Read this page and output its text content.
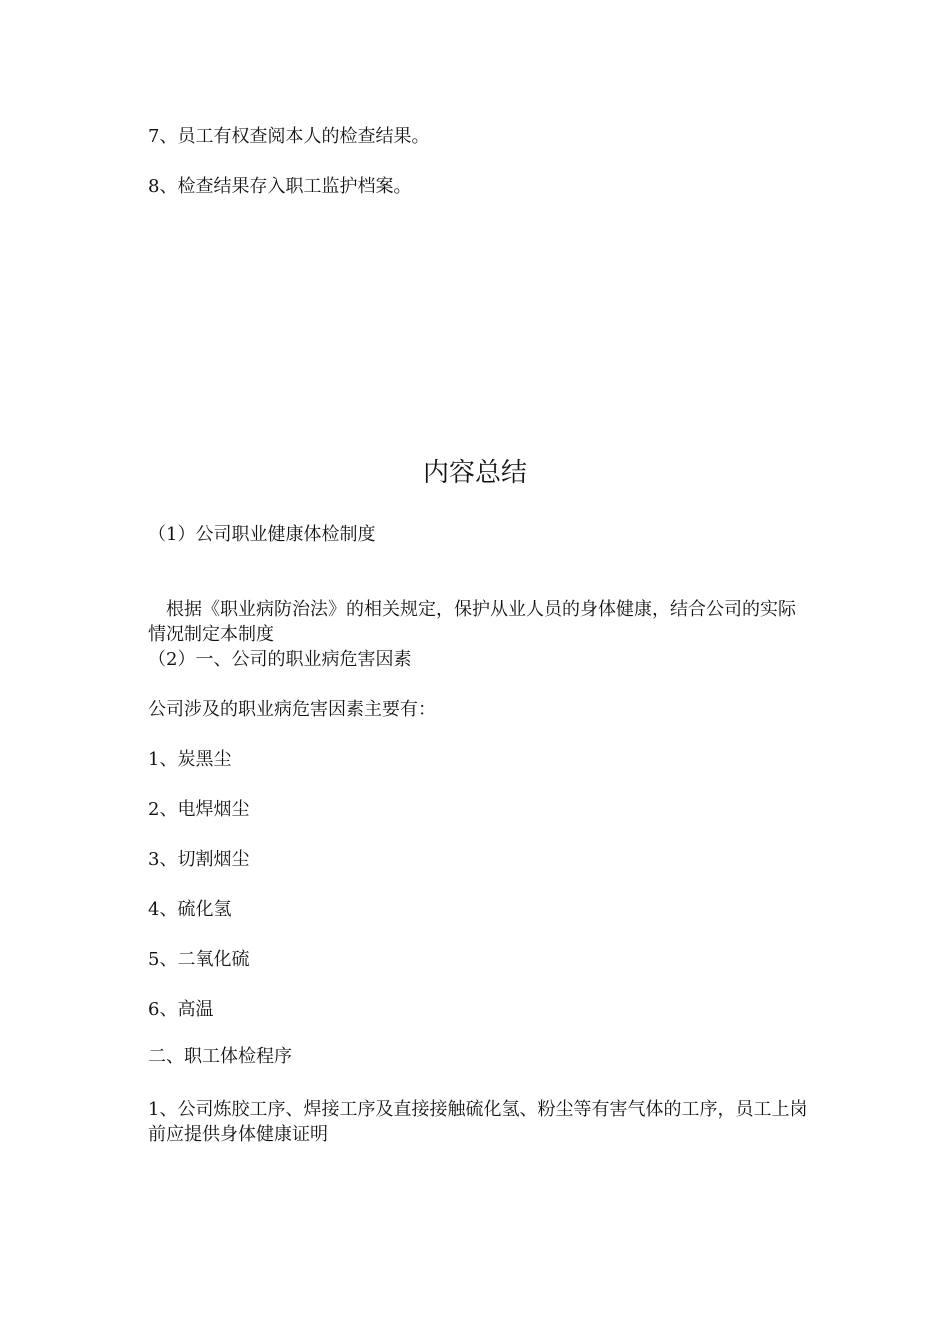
7、员工有权查阅本人的检查结果。
8、检查结果存入职工监护档案。
内容总结
（1）公司职业健康体检制度
　根据《职业病防治法》的相关规定，保护从业人员的身体健康，结合公司的实际情况制定本制度
（2）一、公司的职业病危害因素
公司涉及的职业病危害因素主要有：
1、炭黑尘
2、电焊烟尘
3、切割烟尘
4、硫化氢
5、二氧化硫
6、高温
二、职工体检程序
1、公司炼胶工序、焊接工序及直接接触硫化氢、粉尘等有害气体的工序，员工上岗前应提供身体健康证明
